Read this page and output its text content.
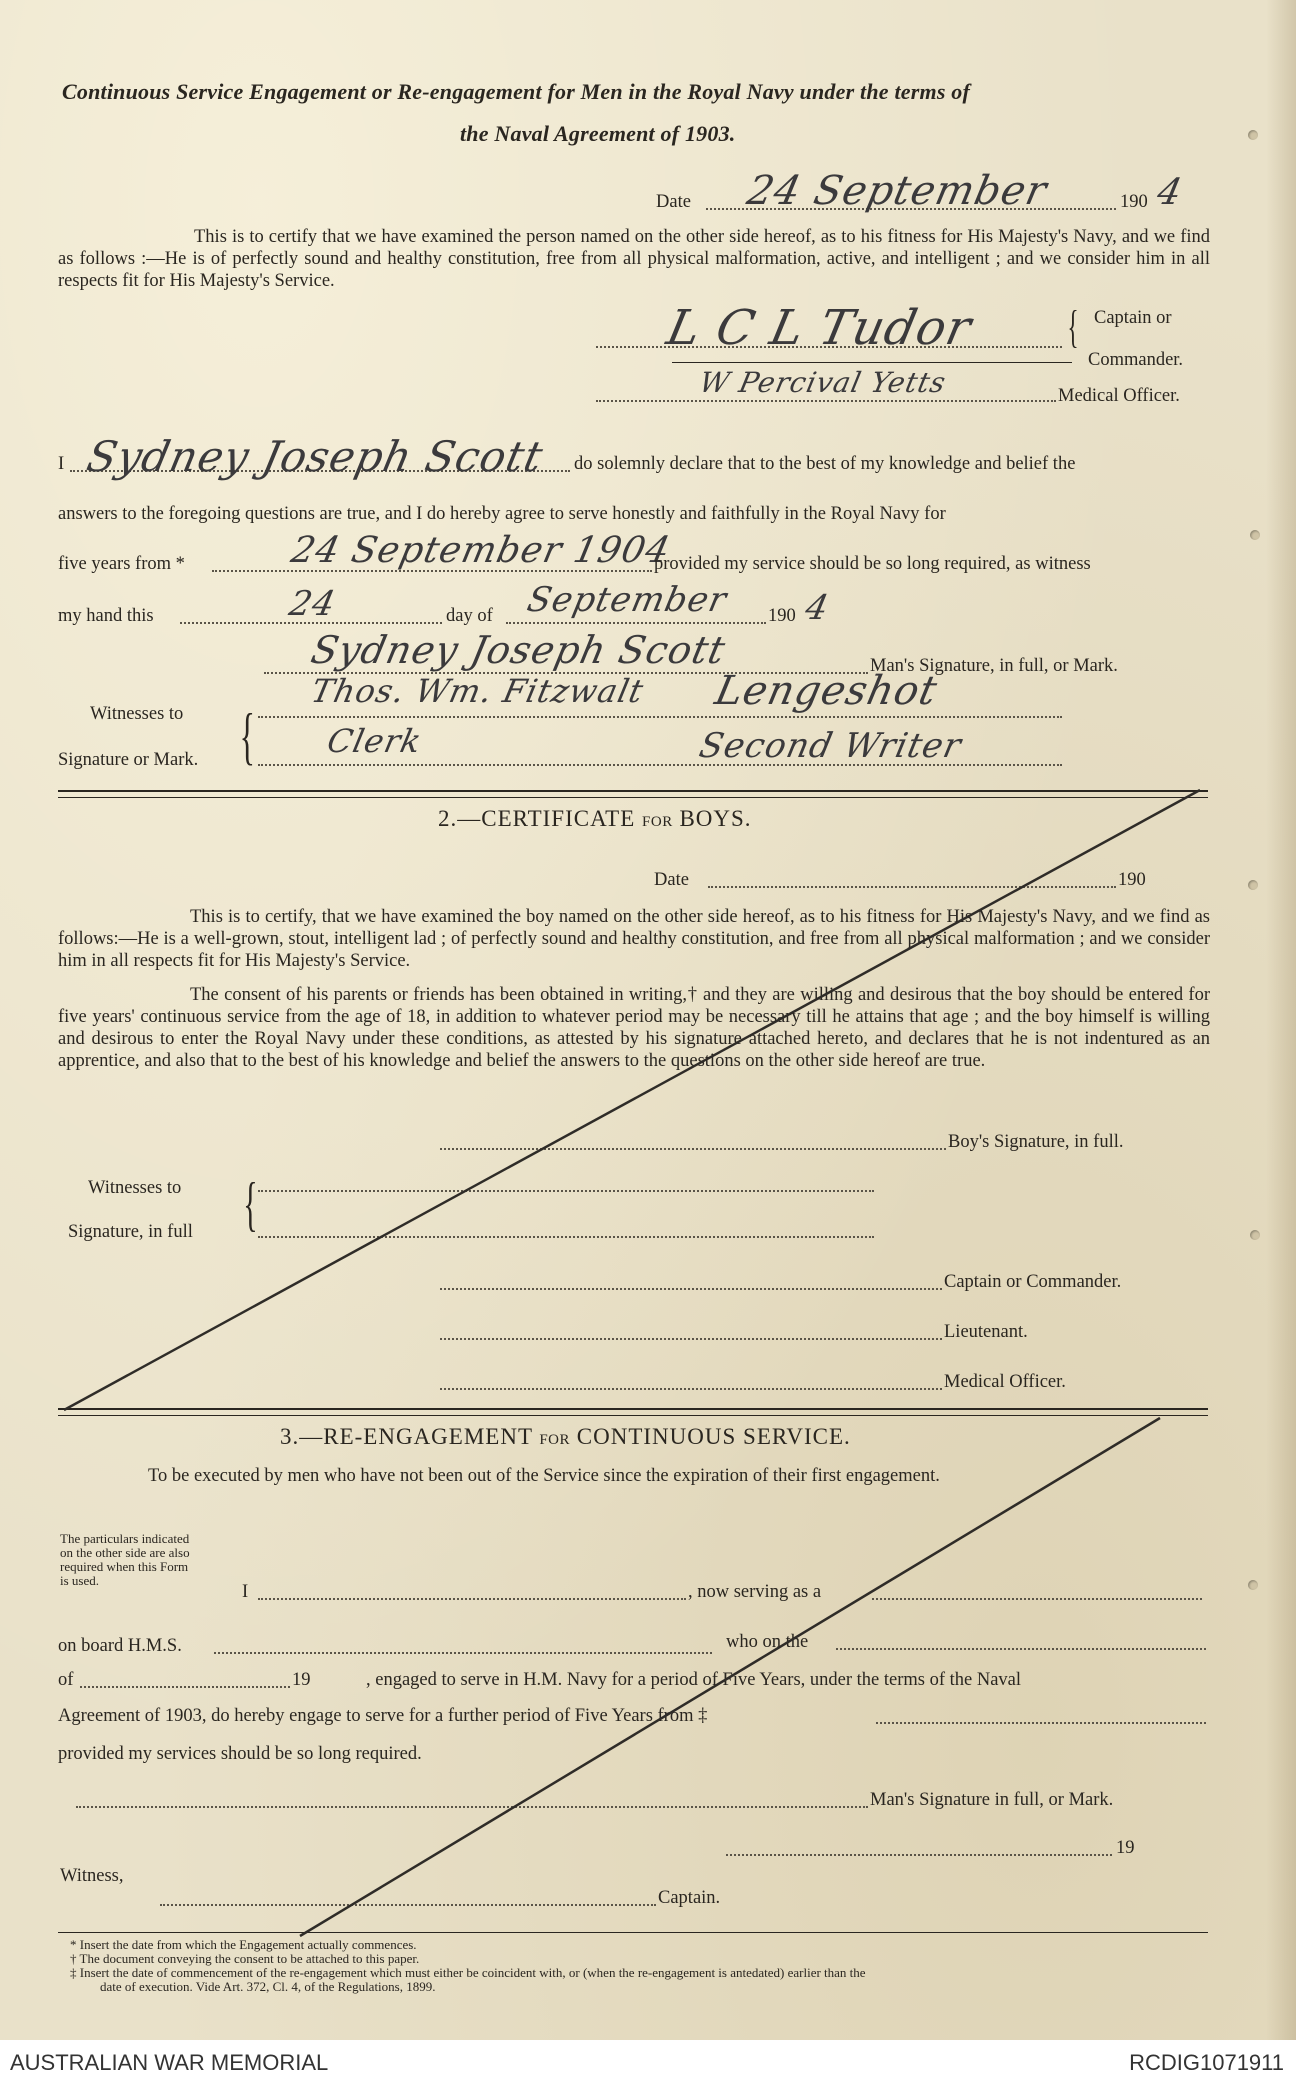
Continuous Service Engagement or Re-engagement for Men in the Royal Navy under the terms of
the Naval Agreement of 1903.
Date 24 September	190 4
This is to certify that we have examined the person named on the other side hereof, as to his fitness for His Majesty's Navy, and we find as follows :—He is of perfectly sound and healthy constitution, free from all physical malformation, active, and intelligent ; and we consider him in all respects fit for His Majesty's Service.
L C L Tudor { Captain or
Commander.
W Percival Yetts	Medical Officer.
I Sydney Joseph Scott do solemnly declare that to the best of my knowledge and belief the
answers to the foregoing questions are true, and I do hereby agree to serve honestly and faithfully in the Royal Navy for
five years from *	24 September 1904
provided my service should be so long required, as witness
my hand this	24	day of September 190 4
Sydney Joseph Scott	Man's Signature, in full, or Mark.
Witnesses to
Signature or Mark. {
Thos. Wm. Fitzwalt Lengeshot
Clerk	Second Writer
2.—CERTIFICATE FOR BOYS.
Date	190
This is to certify, that we have examined the boy named on the other side hereof, as to his fitness for His Majesty's Navy, and we find as follows:—He is a well-grown, stout, intelligent lad ; of perfectly sound and healthy constitution, and free from all physical malformation ; and we consider him in all respects fit for His Majesty's Service.
The consent of his parents or friends has been obtained in writing,† and they are willing and desirous that the boy should be entered for five years' continuous service from the age of 18, in addition to whatever period may be necessary till he attains that age ; and the boy himself is willing and desirous to enter the Royal Navy under these conditions, as attested by his signature attached hereto, and declares that he is not indentured as an apprentice, and also that to the best of his knowledge and belief the answers to the questions on the other side hereof are true.
Boy's Signature, in full.
Witnesses to
Signature, in full {
Captain or Commander.
Lieutenant.
Medical Officer.
3.—RE-ENGAGEMENT FOR CONTINUOUS SERVICE.
To be executed by men who have not been out of the Service since the expiration of their first engagement.
The particulars indicated on the other side are also required when this Form is used.
I	, now serving as a
on board H.M.S.	who on the
of	19	, engaged to serve in H.M. Navy for a period of Five Years, under the terms of the Naval
Agreement of 1903, do hereby engage to serve for a further period of Five Years from ‡
provided my services should be so long required.
Man's Signature in full, or Mark.
19
Witness,
Captain.
* Insert the date from which the Engagement actually commences.
† The document conveying the consent to be attached to this paper.
‡ Insert the date of commencement of the re-engagement which must either be coincident with, or (when the re-engagement is antedated) earlier than the
date of execution. Vide Art. 372, Cl. 4, of the Regulations, 1899.
AUSTRALIAN WAR MEMORIAL	RCDIG1071911
